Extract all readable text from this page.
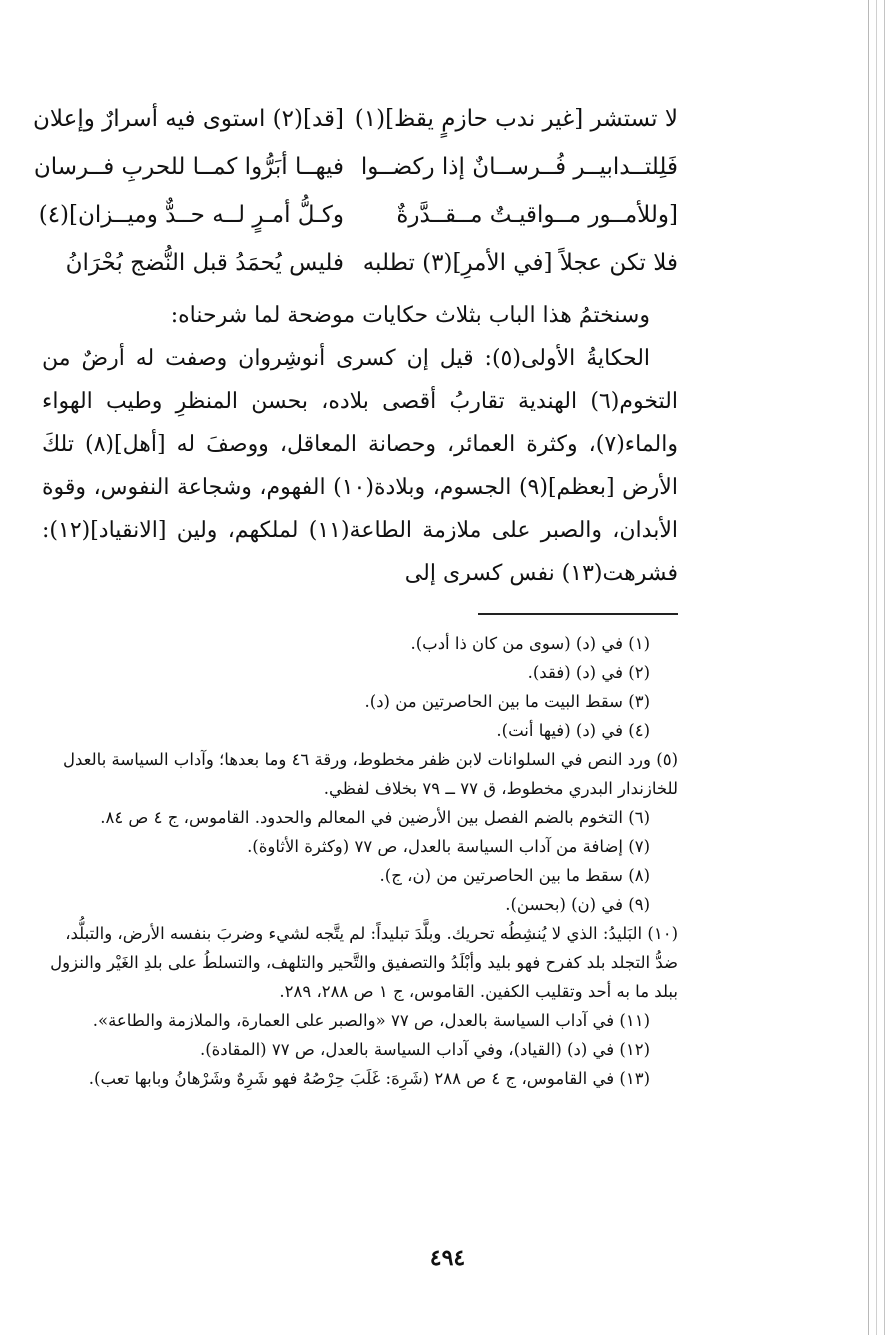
لا تستشر [غير ندب حازمٍ يقظ](١)
[قد](٢) استوى فيه أسرارٌ وإعلان
فَلِلتــدابيــر فُــرســانٌ إذا ركضــوا
فيهــا أبَرُّوا كمــا للحربِ فــرسان
[وللأمــور مــواقيـتٌ مــقــدَّرةٌ
وكـلُّ أمـرٍ لــه حــدٌّ وميــزان](٤)
فلا تكن عجلاً [في الأمرِ](٣) تطلبه
فليس يُحمَدُ قبل النُّضج بُحْرَانُ

وسنختمُ هذا الباب بثلاث حكايات موضحة لما شرحناه:

الحكايةُ الأولى(٥): قيل إن كسرى أنوشِروان وصفت له أرضٌ من التخوم(٦) الهندية تقاربُ أقصى بلاده، بحسن المنظرِ وطيب الهواء والماء(٧)، وكثرة العمائر، وحصانة المعاقل، ووصفَ له [أهل](٨) تلكَ الأرض [بعظم](٩) الجسوم، وبلادة(١٠) الفهوم، وشجاعة النفوس، وقوة الأبدان، والصبر على ملازمة الطاعة(١١) لملكهم، ولين [الانقياد](١٢): فشرهت(١٣) نفس كسرى إلى

(١) في (د) (سوى من كان ذا أدب).
(٢) في (د) (فقد).
(٣) سقط البيت ما بين الحاصرتين من (د).
(٤) في (د) (فيها أنت).
(٥) ورد النص في السلوانات لابن ظفر مخطوط، ورقة ٤٦ وما بعدها؛ وآداب السياسة بالعدل للخازندار البدري مخطوط، ق ٧٧ ــ ٧٩ بخلاف لفظي.
(٦) التخوم بالضم الفصل بين الأرضين في المعالم والحدود. القاموس، ج ٤ ص ٨٤.
(٧) إضافة من آداب السياسة بالعدل، ص ٧٧ (وكثرة الأثاوة).
(٨) سقط ما بين الحاصرتين من (ن، ج).
(٩) في (ن) (بحسن).
(١٠) البَليدُ: الذي لا يُنشِطُه تحريك. وبلَّدَ تبليداً: لم يتَّجه لشيء وضربَ بنفسه الأرض، والتبلُّد، ضدُّ التجلد بلد كفرح فهو بليد وأبْلَدُ والتصفيق والتَّحير والتلهف، والتسلطُ على بلدِ الغَيْر والنزول ببلد ما به أحد وتقليب الكفين. القاموس، ج ١ ص ٢٨٨، ٢٨٩.
(١١) في آداب السياسة بالعدل، ص ٧٧ «والصبر على العمارة، والملازمة والطاعة».
(١٢) في (د) (القياد)، وفي آداب السياسة بالعدل، ص ٧٧ (المقادة).
(١٣) في القاموس، ج ٤ ص ٢٨٨ (شَرِهَ: غَلَبَ حِرْصُهُ فهو شَرِهٌ وشَرْهانُ وبابها تعب).
٤٩٤
